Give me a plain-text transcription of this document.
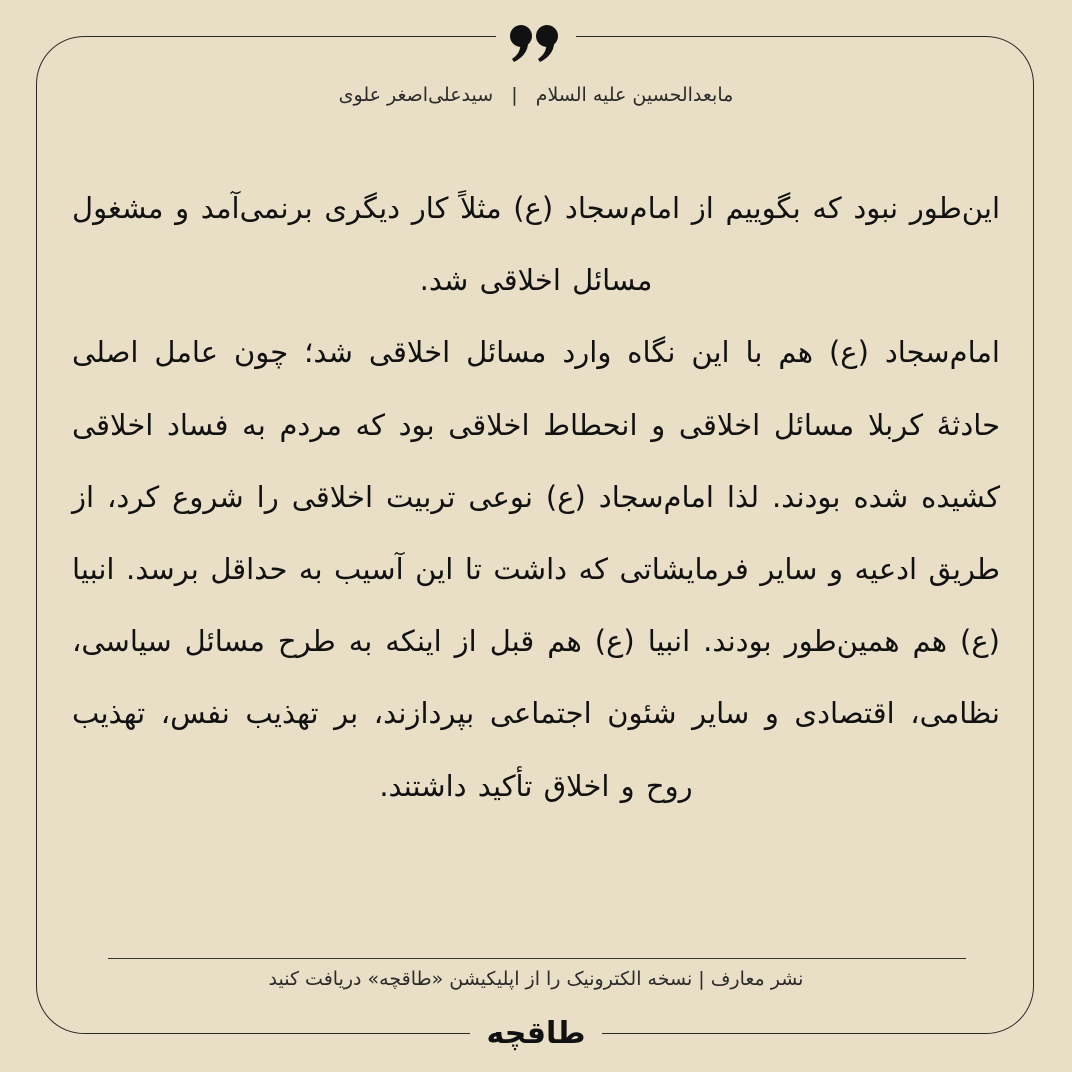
مابعدالحسین علیه السلام | سیدعلی‌اصغر علوی

این‌طور نبود که بگوییم از امام‌سجاد (ع) مثلاً کار دیگری برنمی‌آمد و مشغول مسائل اخلاقی شد.

امام‌سجاد (ع) هم با این نگاه وارد مسائل اخلاقی شد؛ چون عامل اصلی حادثۀ کربلا مسائل اخلاقی و انحطاط اخلاقی بود که مردم به فساد اخلاقی کشیده شده بودند. لذا امام‌سجاد (ع) نوعی تربیت اخلاقی را شروع کرد، از طریق ادعیه و سایر فرمایشاتی که داشت تا این آسیب به حداقل برسد. انبیا (ع) هم همین‌طور بودند. انبیا (ع) هم قبل از اینکه به طرح مسائل سیاسی، نظامی، اقتصادی و سایر شئون اجتماعی بپردازند، بر تهذیب نفس، تهذیب روح و اخلاق تأکید داشتند.

نشر معارف | نسخه الکترونیک را از اپلیکیشن «طاقچه» دریافت کنید
طاقچه
